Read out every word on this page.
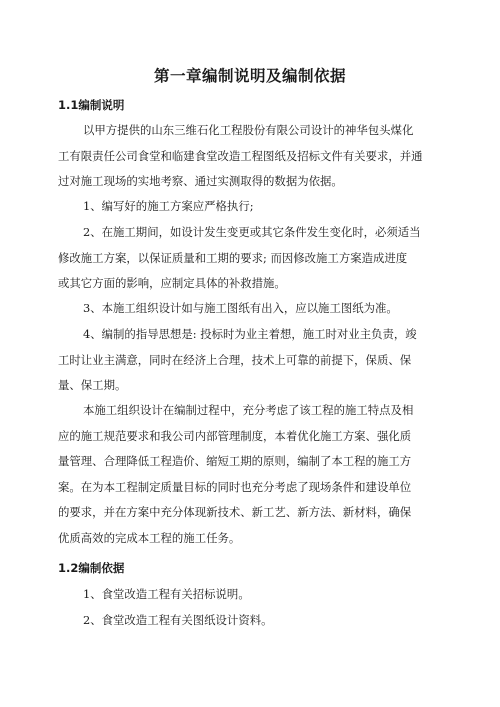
第一章编制说明及编制依据
1.1编制说明

以甲方提供的山东三维石化工程股份有限公司设计的神华包头煤化
工有限责任公司食堂和临建食堂改造工程图纸及招标文件有关要求，并通
过对施工现场的实地考察、通过实测取得的数据为依据。

1、编写好的施工方案应严格执行;

2、在施工期间，如设计发生变更或其它条件发生变化时，必须适当
修改施工方案，以保证质量和工期的要求; 而因修改施工方案造成进度
或其它方面的影响，应制定具体的补救措施。

3、本施工组织设计如与施工图纸有出入，应以施工图纸为准。

4、编制的指导思想是: 投标时为业主着想，施工时对业主负责，竣
工时让业主满意，同时在经济上合理，技术上可靠的前提下，保质、保
量、保工期。

本施工组织设计在编制过程中，充分考虑了该工程的施工特点及相
应的施工规范要求和我公司内部管理制度，本着优化施工方案、强化质
量管理、合理降低工程造价、缩短工期的原则，编制了本工程的施工方
案。在为本工程制定质量目标的同时也充分考虑了现场条件和建设单位
的要求，并在方案中充分体现新技术、新工艺、新方法、新材料，确保
优质高效的完成本工程的施工任务。

1.2编制依据

1、食堂改造工程有关招标说明。

2、食堂改造工程有关图纸设计资料。
